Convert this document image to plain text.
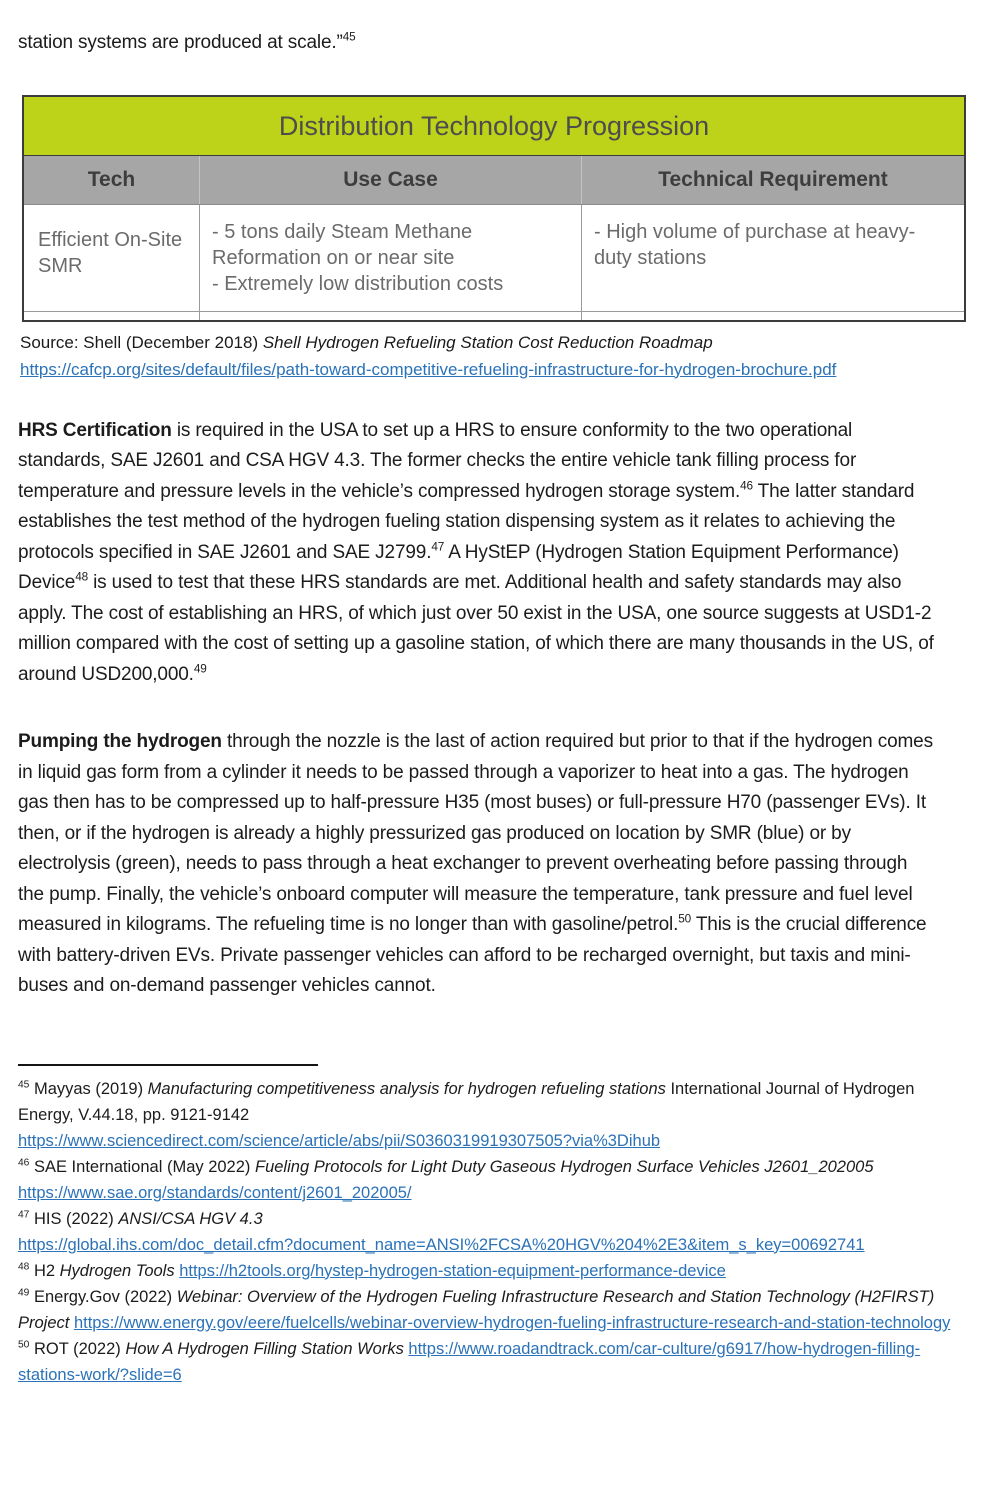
station systems are produced at scale.”$^{45}$

Distribution Technology Progression
Tech	Use Case	Technical Requirement
Efficient On-Site SMR
- 5 tons daily Steam Methane Reformation on or near site
- Extremely low distribution costs
- High volume of purchase at heavy-duty stations

Source: Shell (December 2018) Shell Hydrogen Refueling Station Cost Reduction Roadmap

https://cafcp.org/sites/default/files/path-toward-competitive-refueling-infrastructure-for-hydrogen-brochure.pdf

HRS Certification is required in the USA to set up a HRS to ensure conformity to the two operational standards, SAE J2601 and CSA HGV 4.3. The former checks the entire vehicle tank filling process for temperature and pressure levels in the vehicle’s compressed hydrogen storage system.$^{46}$ The latter standard establishes the test method of the hydrogen fueling station dispensing system as it relates to achieving the protocols specified in SAE J2601 and SAE J2799.47 A HyStEP (Hydrogen Station Equipment Performance) Device$^{48}$ is used to test that these HRS standards are met. Additional health and safety standards may also apply. The cost of establishing an HRS, of which just over 50 exist in the USA, one source suggests at USD1-2 million compared with the cost of setting up a gasoline station, of which there are many thousands in the US, of around USD200,000.49

Pumping the hydrogen through the nozzle is the last of action required but prior to that if the hydrogen comes in liquid gas form from a cylinder it needs to be passed through a vaporizer to heat into a gas. The hydrogen gas then has to be compressed up to half-pressure H35 (most buses) or full-pressure H70 (passenger EVs). It then, or if the hydrogen is already a highly pressurized gas produced on location by SMR (blue) or by electrolysis (green), needs to pass through a heat exchanger to prevent overheating before passing through the pump. Finally, the vehicle’s onboard computer will measure the temperature, tank pressure and fuel level measured in kilograms. The refueling time is no longer than with gasoline/petrol.$^{50}$ This is the crucial difference with battery-driven EVs. Private passenger vehicles can afford to be recharged overnight, but taxis and mini-buses and on-demand passenger vehicles cannot.

$^{45}$ Mayyas (2019) Manufacturing competitiveness analysis for hydrogen refueling stations International Journal of Hydrogen Energy, V.44.18, pp. 9121-9142
https://www.sciencedirect.com/science/article/abs/pii/S0360319919307505?via%3Dihub
$^{46}$ SAE International (May 2022) Fueling Protocols for Light Duty Gaseous Hydrogen Surface Vehicles J2601_202005 https://www.sae.org/standards/content/j2601_202005/
$^{47}$ HIS (2022) ANSI/CSA HGV 4.3
https://global.ihs.com/doc_detail.cfm?document_name=ANSI%2FCSA%20HGV%204%2E3&item_s_key=00692741
$^{48}$ H2 Hydrogen Tools https://h2tools.org/hystep-hydrogen-station-equipment-performance-device
$^{49}$ Energy.Gov (2022) Webinar: Overview of the Hydrogen Fueling Infrastructure Research and Station Technology (H2FIRST) Project https://www.energy.gov/eere/fuelcells/webinar-overview-hydrogen-fueling-infrastructure-research-and-station-technology
$^{50}$ ROT (2022) How A Hydrogen Filling Station Works https://www.roadandtrack.com/car-culture/g6917/how-hydrogen-filling-stations-work/?slide=6
